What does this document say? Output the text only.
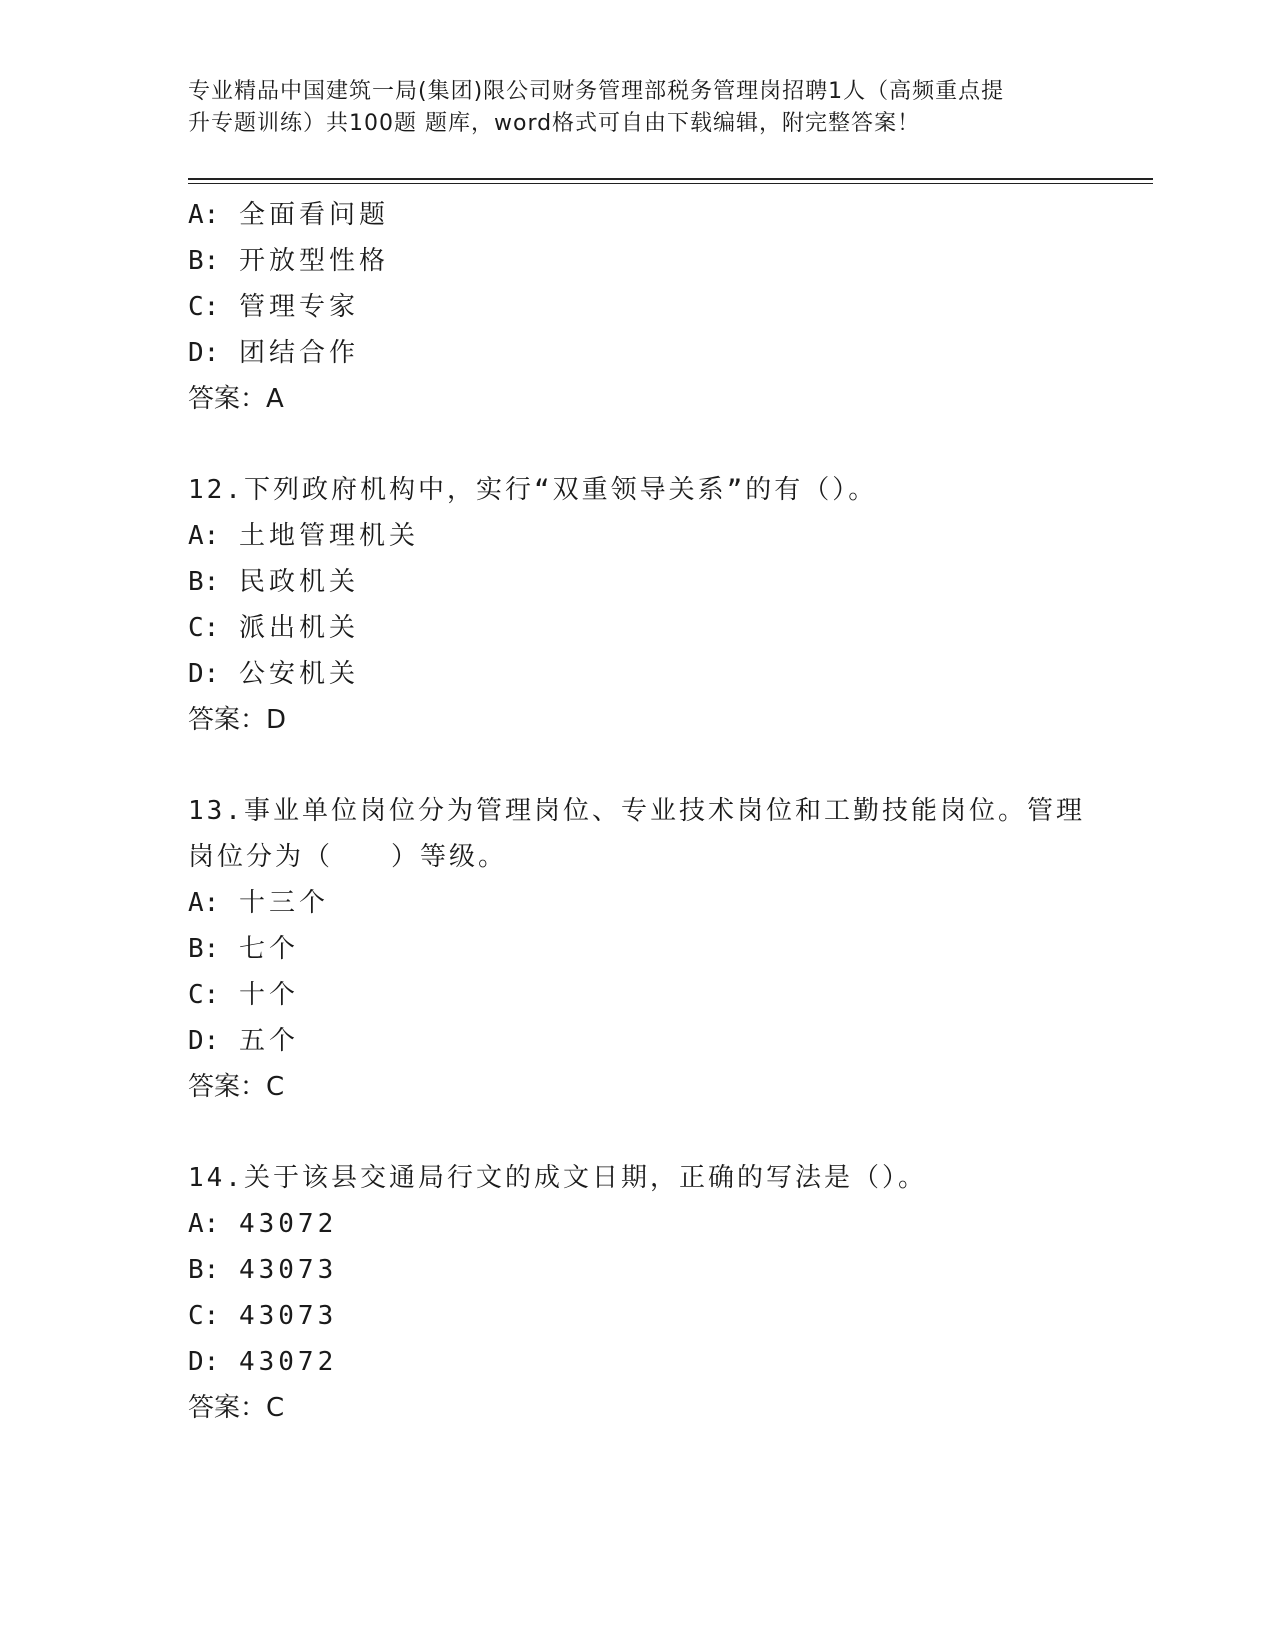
专业精品中国建筑一局(集团)限公司财务管理部税务管理岗招聘1人（高频重点提
升专题训练）共100题 题库，word格式可自由下载编辑，附完整答案！
A: 全面看问题
B: 开放型性格
C: 管理专家
D: 团结合作
答案：A
12.下列政府机构中，实行“双重领导关系”的有（）。
A: 土地管理机关
B: 民政机关
C: 派出机关
D: 公安机关
答案：D
13.事业单位岗位分为管理岗位、专业技术岗位和工勤技能岗位。管理岗位分为（　　）等级。
A: 十三个
B: 七个
C: 十个
D: 五个
答案：C
14.关于该县交通局行文的成文日期，正确的写法是（）。
A: 43072
B: 43073
C: 43073
D: 43072
答案：C
